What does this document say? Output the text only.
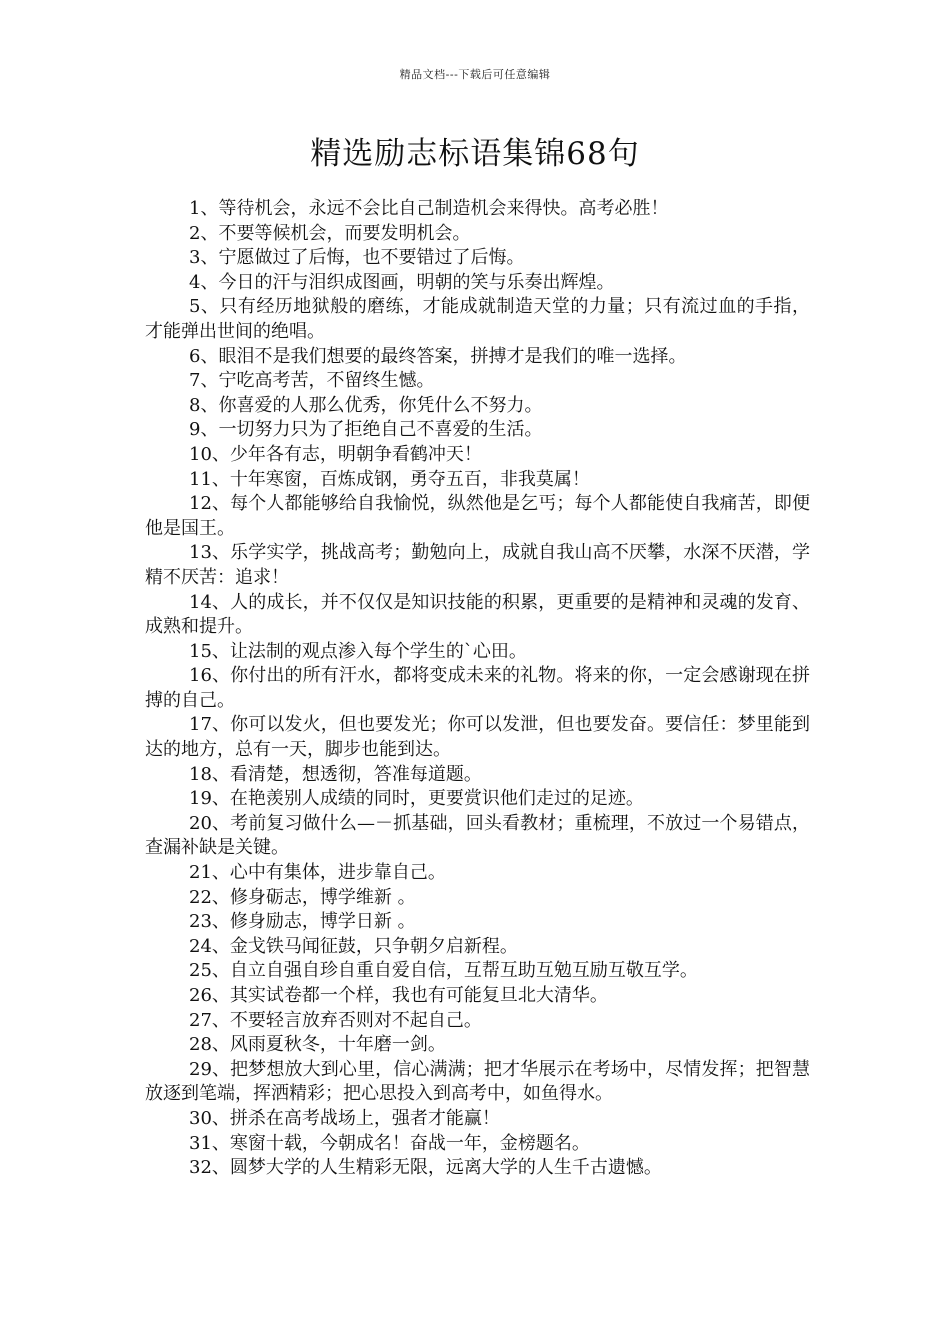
精品文档---下载后可任意编辑
精选励志标语集锦68句

1、等待机会，永远不会比自己制造机会来得快。高考必胜！

2、不要等候机会，而要发明机会。

3、宁愿做过了后悔，也不要错过了后悔。

4、今日的汗与泪织成图画，明朝的笑与乐奏出辉煌。

5、只有经历地狱般的磨练，才能成就制造天堂的力量；只有流过血的手指，才能弹出世间的绝唱。

6、眼泪不是我们想要的最终答案，拼搏才是我们的唯一选择。

7、宁吃高考苦，不留终生憾。

8、你喜爱的人那么优秀，你凭什么不努力。

9、一切努力只为了拒绝自己不喜爱的生活。

10、少年各有志，明朝争看鹤冲天！

11、十年寒窗，百炼成钢，勇夺五百，非我莫属！

12、每个人都能够给自我愉悦，纵然他是乞丐；每个人都能使自我痛苦，即便他是国王。

13、乐学实学，挑战高考；勤勉向上，成就自我山高不厌攀，水深不厌潜，学精不厌苦：追求！

14、人的成长，并不仅仅是知识技能的积累，更重要的是精神和灵魂的发育、成熟和提升。

15、让法制的观点渗入每个学生的`心田。

16、你付出的所有汗水，都将变成未来的礼物。将来的你，一定会感谢现在拼搏的自己。

17、你可以发火，但也要发光；你可以发泄，但也要发奋。要信任：梦里能到达的地方，总有一天，脚步也能到达。

18、看清楚，想透彻，答准每道题。

19、在艳羡别人成绩的同时，更要赏识他们走过的足迹。

20、考前复习做什么—－抓基础，回头看教材；重梳理，不放过一个易错点，查漏补缺是关键。

21、心中有集体，进步靠自己。

22、修身砺志，博学维新 。

23、修身励志，博学日新 。

24、金戈铁马闻征鼓，只争朝夕启新程。

25、自立自强自珍自重自爱自信，互帮互助互勉互励互敬互学。

26、其实试卷都一个样，我也有可能复旦北大清华。

27、不要轻言放弃否则对不起自己。

28、风雨夏秋冬，十年磨一剑。

29、把梦想放大到心里，信心满满；把才华展示在考场中，尽情发挥；把智慧放逐到笔端，挥洒精彩；把心思投入到高考中，如鱼得水。

30、拼杀在高考战场上，强者才能赢！

31、寒窗十载，今朝成名！奋战一年，金榜题名。

32、圆梦大学的人生精彩无限，远离大学的人生千古遗憾。
